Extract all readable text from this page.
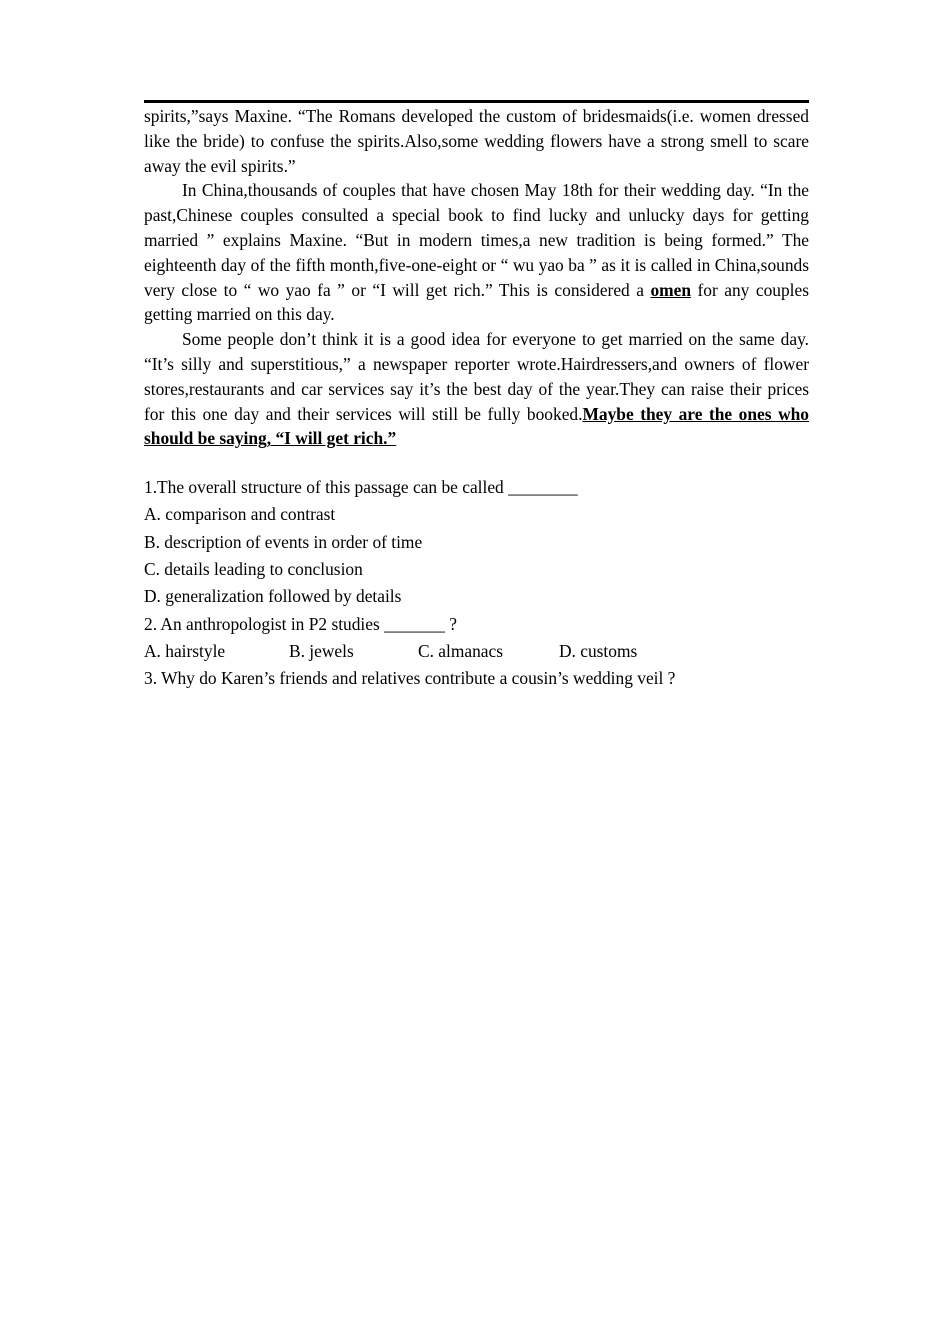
spirits,”says Maxine. “The Romans developed the custom of bridesmaids(i.e. women dressed like the bride) to confuse the spirits.Also,some wedding flowers have a strong smell to scare away the evil spirits.”

In China,thousands of couples that have chosen May 18th for their wedding day. “In the past,Chinese couples consulted a special book to find lucky and unlucky days for getting married ” explains Maxine. “But in modern times,a new tradition is being formed.” The eighteenth day of the fifth month,five-one-eight or “ wu yao ba ” as it is called in China,sounds very close to “ wo yao fa ” or “I will get rich.” This is considered a omen for any couples getting married on this day.

Some people don’t think it is a good idea for everyone to get married on the same day. “It’s silly and superstitious,” a newspaper reporter wrote.Hairdressers,and owners of flower stores,restaurants and car services say it’s the best day of the year.They can raise their prices for this one day and their services will still be fully booked.Maybe they are the ones who should be saying, “I will get rich.”

1.The overall structure of this passage can be called ________
A. comparison and contrast
B. description of events in order of time
C. details leading to conclusion
D. generalization followed by details
2. An anthropologist in P2 studies _______ ?
A. hairstyle	B. jewels	C. almanacs	D. customs
3. Why do Karen’s friends and relatives contribute a cousin’s wedding veil ?
